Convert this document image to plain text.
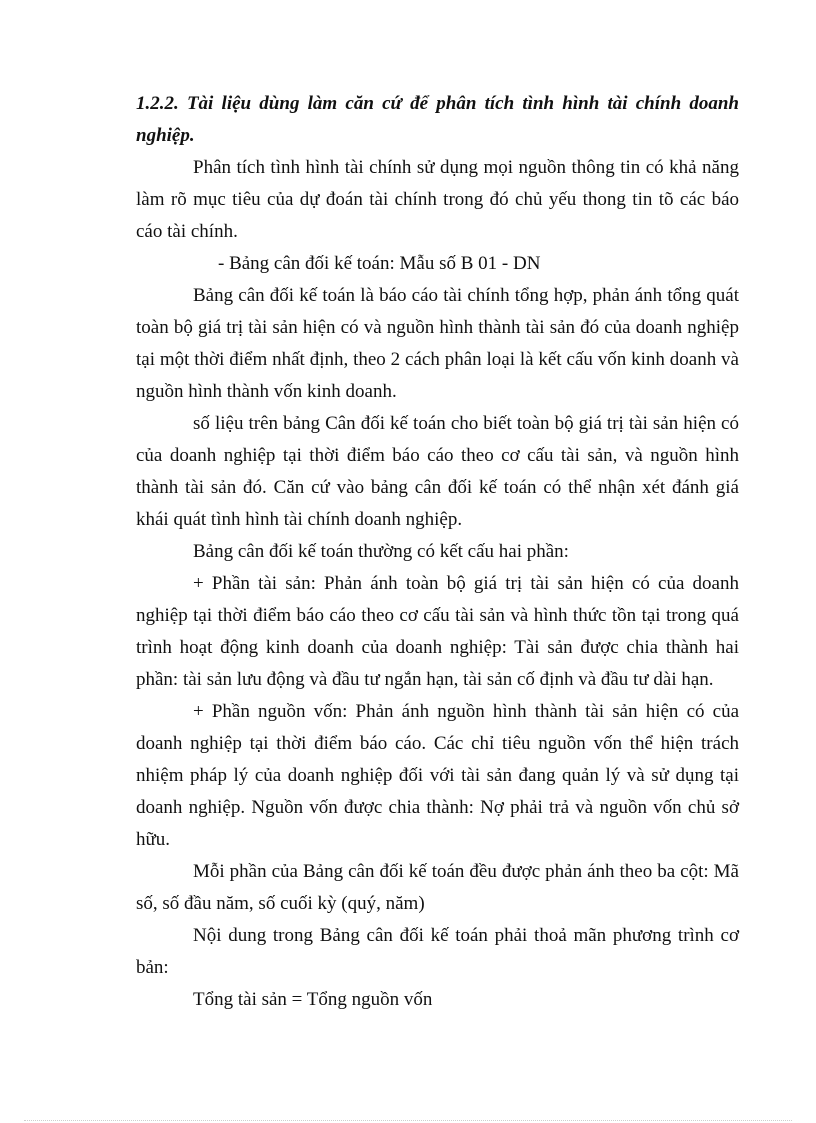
1.2.2. Tài liệu dùng làm căn cứ để phân tích tình hình tài chính doanh nghiệp.

Phân tích tình hình tài chính sử dụng mọi nguồn thông tin có khả năng làm rõ mục tiêu của dự đoán tài chính trong đó chủ yếu thong tin tõ các báo cáo tài chính.

- Bảng cân đối kế toán: Mẫu số B 01 - DN

Bảng cân đối kế toán là báo cáo tài chính tổng hợp, phản ánh tổng quát toàn bộ giá trị tài sản hiện có và nguồn hình thành tài sản đó của doanh nghiệp tại một thời điểm nhất định, theo 2 cách phân loại là kết cấu vốn kinh doanh và nguồn hình thành vốn kinh doanh.

số liệu trên bảng Cân đối kế toán cho biết toàn bộ giá trị tài sản hiện có của doanh nghiệp tại thời điểm báo cáo theo cơ cấu tài sản, và nguồn hình thành tài sản đó. Căn cứ vào bảng cân đối kế toán có thể nhận xét đánh giá khái quát tình hình tài chính doanh nghiệp.

Bảng cân đối kế toán thường có kết cấu hai phần:

+ Phần tài sản: Phản ánh toàn bộ giá trị tài sản hiện có của doanh nghiệp tại thời điểm báo cáo theo cơ cấu tài sản và hình thức tồn tại trong quá trình hoạt động kinh doanh của doanh nghiệp: Tài sản được chia thành hai phần: tài sản lưu động và đầu tư ngắn hạn, tài sản cố định và đầu tư dài hạn.

+ Phần nguồn vốn: Phản ánh nguồn hình thành tài sản hiện có của doanh nghiệp tại thời điểm báo cáo. Các chỉ tiêu nguồn vốn thể hiện trách nhiệm pháp lý của doanh nghiệp đối với tài sản đang quản lý và sử dụng tại doanh nghiệp. Nguồn vốn được chia thành: Nợ phải trả và nguồn vốn chủ sở hữu.

Mỗi phần của Bảng cân đối kế toán đều được phản ánh theo ba cột: Mã số, số đầu năm, số cuối kỳ (quý, năm)

Nội dung trong Bảng cân đối kế toán phải thoả mãn phương trình cơ bản:

Tổng tài sản = Tổng nguồn vốn
